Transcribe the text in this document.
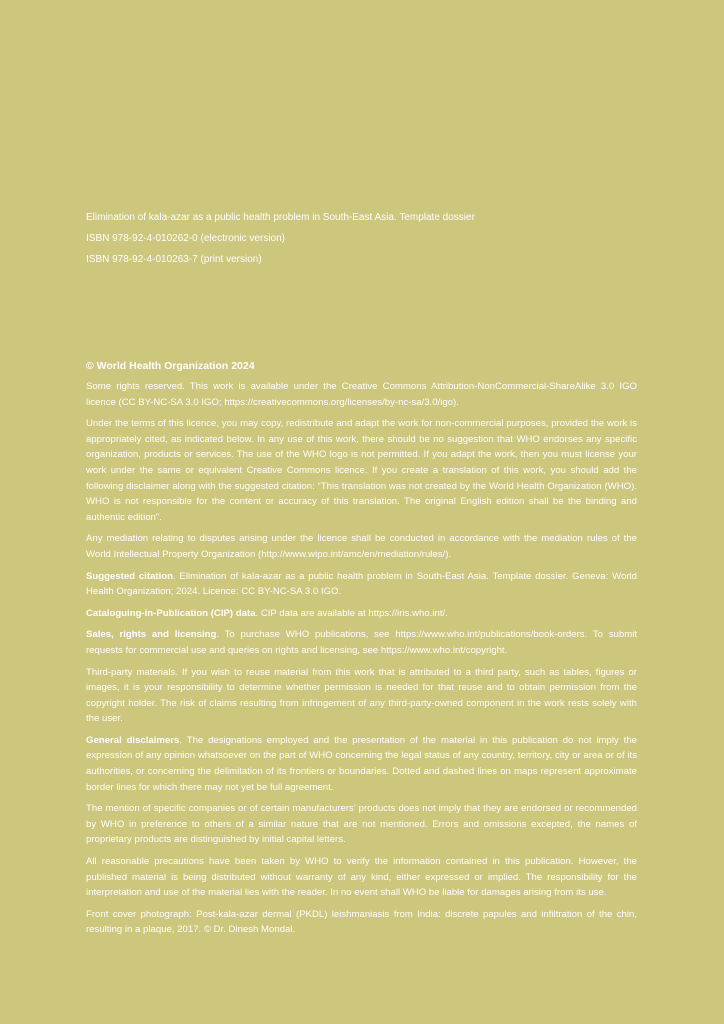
Elimination of kala-azar as a public health problem in South-East Asia. Template dossier

ISBN 978-92-4-010262-0 (electronic version)

ISBN 978-92-4-010263-7 (print version)

© World Health Organization 2024

Some rights reserved. This work is available under the Creative Commons Attribution-NonCommercial-ShareAlike 3.0 IGO licence (CC BY-NC-SA 3.0 IGO; https://creativecommons.org/licenses/by-nc-sa/3.0/igo).

Under the terms of this licence, you may copy, redistribute and adapt the work for non-commercial purposes, provided the work is appropriately cited, as indicated below. In any use of this work, there should be no suggestion that WHO endorses any specific organization, products or services. The use of the WHO logo is not permitted. If you adapt the work, then you must license your work under the same or equivalent Creative Commons licence. If you create a translation of this work, you should add the following disclaimer along with the suggested citation: “This translation was not created by the World Health Organization (WHO). WHO is not responsible for the content or accuracy of this translation. The original English edition shall be the binding and authentic edition”.

Any mediation relating to disputes arising under the licence shall be conducted in accordance with the mediation rules of the World Intellectual Property Organization (http://www.wipo.int/amc/en/mediation/rules/).

Suggested citation. Elimination of kala-azar as a public health problem in South-East Asia. Template dossier. Geneva: World Health Organization; 2024. Licence: CC BY-NC-SA 3.0 IGO.

Cataloguing-in-Publication (CIP) data. CIP data are available at https://iris.who.int/.

Sales, rights and licensing. To purchase WHO publications, see https://www.who.int/publications/book-orders. To submit requests for commercial use and queries on rights and licensing, see https://www.who.int/copyright.

Third-party materials. If you wish to reuse material from this work that is attributed to a third party, such as tables, figures or images, it is your responsibility to determine whether permission is needed for that reuse and to obtain permission from the copyright holder. The risk of claims resulting from infringement of any third-party-owned component in the work rests solely with the user.

General disclaimers. The designations employed and the presentation of the material in this publication do not imply the expression of any opinion whatsoever on the part of WHO concerning the legal status of any country, territory, city or area or of its authorities, or concerning the delimitation of its frontiers or boundaries. Dotted and dashed lines on maps represent approximate border lines for which there may not yet be full agreement.

The mention of specific companies or of certain manufacturers’ products does not imply that they are endorsed or recommended by WHO in preference to others of a similar nature that are not mentioned. Errors and omissions excepted, the names of proprietary products are distinguished by initial capital letters.

All reasonable precautions have been taken by WHO to verify the information contained in this publication. However, the published material is being distributed without warranty of any kind, either expressed or implied. The responsibility for the interpretation and use of the material lies with the reader. In no event shall WHO be liable for damages arising from its use.

Front cover photograph: Post-kala-azar dermal (PKDL) leishmaniasis from India: discrete papules and infiltration of the chin, resulting in a plaque, 2017. © Dr. Dinesh Mondal.
